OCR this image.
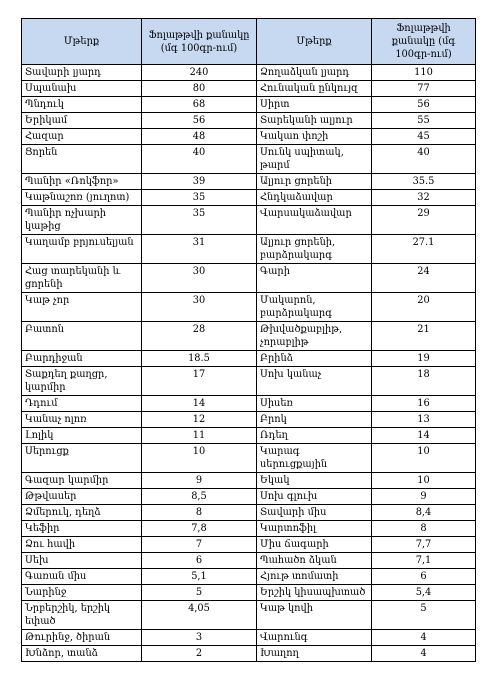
Մթերք	Ֆոլաթթվի քանակը (մգ 100գր-ում)	Մթերք	Ֆոլաթթվի քանակը (մգ 100գր-ում)
Տավարի լյարդ	240	Ձողաձկան լյարդ	110
Սպանախ	80	Հունական ընկույզ	77
Պնդուկ	68	Սիրտ	56
Երիկամ	56	Տարեկանի ալյուր	55
Հազար	48	Կակաո փոշի	45
Ցորեն	40	Սունկ սպիտակ, թարմ	40
Պանիր «Ռոկֆոր»	39	Ալյուր ցորենի	35.5
Կաթնաշոռ (յուղոտ)	35	Հնդկաձավար	32
Պանիր ոչխարի կաթից	35	Վարսակաձավար	29
Կաղամբ բրյուսելյան	31	Ալյուր ցորենի, բարձրակարգ	27.1
Հաց տարեկանի և ցորենի	30	Գարի	24
Կաթ չոր	30	Մակարոն, բարձրակարգ	20
Բատոն	28	Թխվածքաբլիթ, չորաբլիթ	21
Բարդիջան	18.5	Բրինձ	19
Տաքդեղ քաղցր, կարմիր	17	Սոխ կանաչ	18
Դդում	14	Սիսեռ	16
Կանաչ ոլոռ	12	Բրոկ	13
Լոլիկ	11	Ռդեղ	14
Սերուցք	10	Կարագ սերուցքային	10
Գազար կարմիր	9	Եկակ	10
Թթվասեր	8,5	Սոխ գլուխ	9
Ձմերուկ, դեղձ	8	Տավարի միս	8,4
Կեֆիր	7,8	Կարտոֆիլ	8
Ձու հավի	7	Միս ճագարի	7,7
Սեխ	6	Պահածո ձկան	7,1
Գառան միս	5,1	Հյութ տոմատի	6
Նարինջ	5	Երշիկ կիսապխտած	5,4
Նրբերշիկ, երշիկ եփած	4,05	Կաթ կովի	5
Թուրինջ, ծիրան	3	Վարունգ	4
Խնձոր, տանձ	2	Խաղող	4
